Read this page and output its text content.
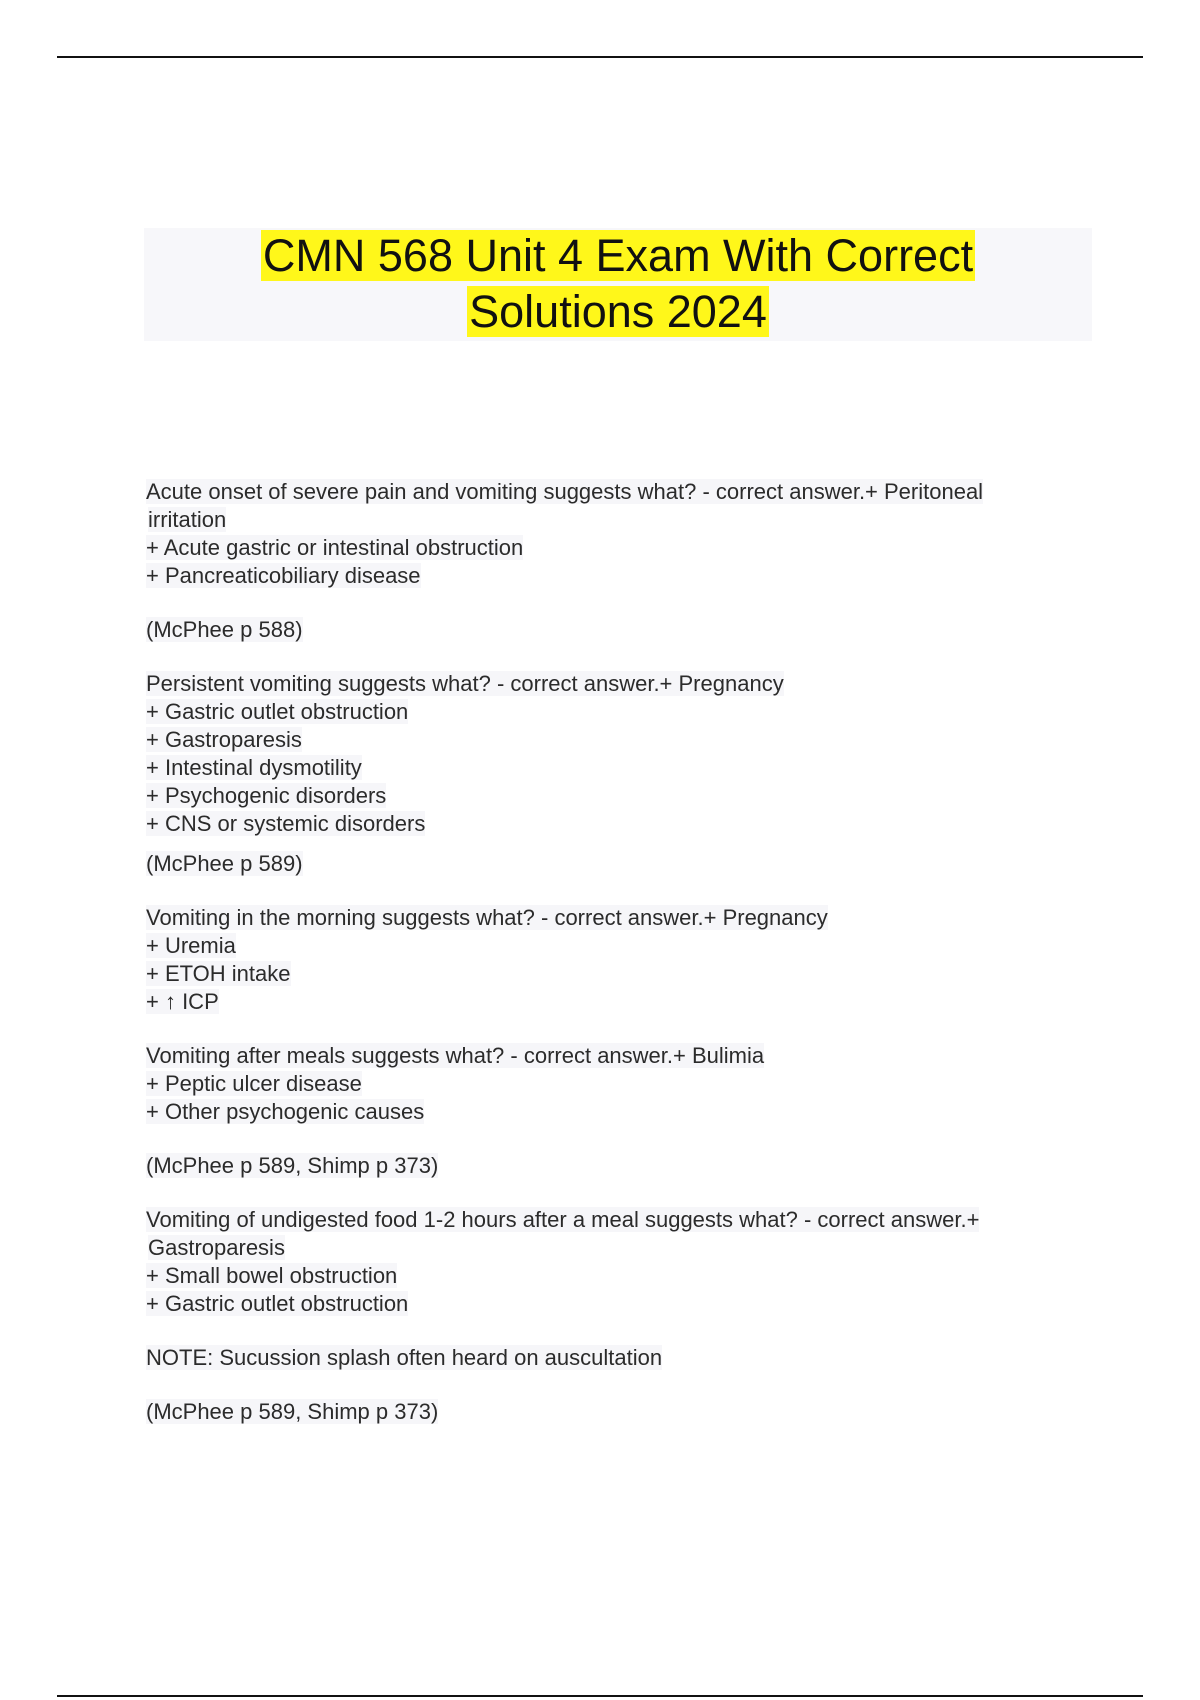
CMN 568 Unit 4 Exam With Correct
Solutions 2024
Acute onset of severe pain and vomiting suggests what? - correct answer.+ Peritoneal
irritation
+ Acute gastric or intestinal obstruction
+ Pancreaticobiliary disease
(McPhee p 588)
Persistent vomiting suggests what? - correct answer.+ Pregnancy
+ Gastric outlet obstruction
+ Gastroparesis
+ Intestinal dysmotility
+ Psychogenic disorders
+ CNS or systemic disorders
(McPhee p 589)
Vomiting in the morning suggests what? - correct answer.+ Pregnancy
+ Uremia
+ ETOH intake
+ ↑ ICP
Vomiting after meals suggests what? - correct answer.+ Bulimia
+ Peptic ulcer disease
+ Other psychogenic causes
(McPhee p 589, Shimp p 373)
Vomiting of undigested food 1-2 hours after a meal suggests what? - correct answer.+
Gastroparesis
+ Small bowel obstruction
+ Gastric outlet obstruction
NOTE: Sucussion splash often heard on auscultation
(McPhee p 589, Shimp p 373)
